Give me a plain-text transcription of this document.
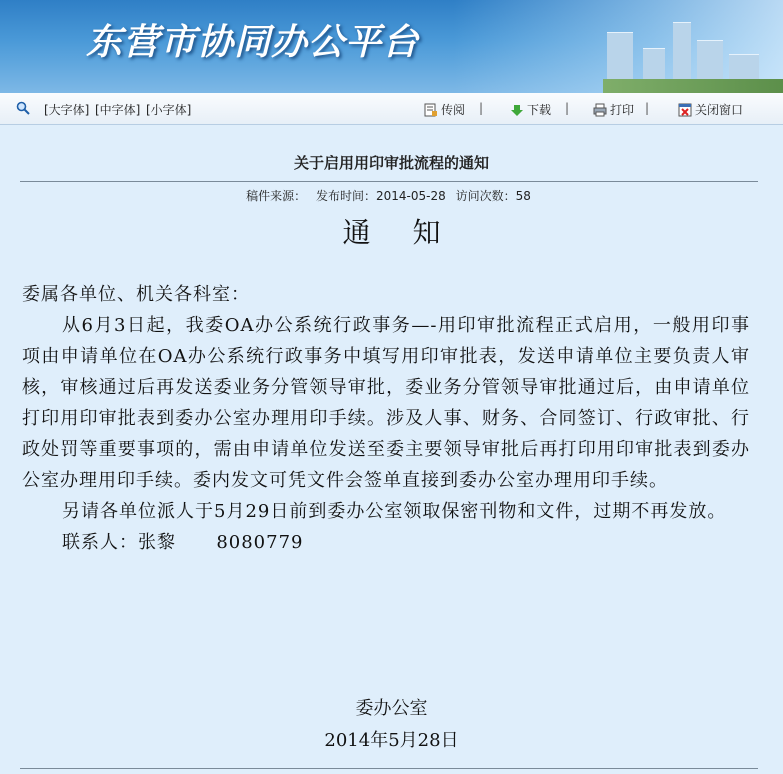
东营市协同办公平台
[大字体] [中字体] [小字体]	传阅 |	下载 |	打印 |	关闭窗口
关于启用用印审批流程的通知
稿件来源： 发布时间：2014-05-28 访问次数：58
通知

委属各单位、机关各科室：

从6月3日起，我委OA办公系统行政事务—-用印审批流程正式启用，一般用印事项由申请单位在OA办公系统行政事务中填写用印审批表，发送申请单位主要负责人审核，审核通过后再发送委业务分管领导审批，委业务分管领导审批通过后，由申请单位打印用印审批表到委办公室办理用印手续。涉及人事、财务、合同签订、行政审批、行政处罚等重要事项的，需由申请单位发送至委主要领导审批后再打印用印审批表到委办公室办理用印手续。委内发文可凭文件会签单直接到委办公室办理用印手续。

另请各单位派人于5月29日前到委办公室领取保密刊物和文件，过期不再发放。

联系人：张黎      8080779

委办公室
2014年5月28日
